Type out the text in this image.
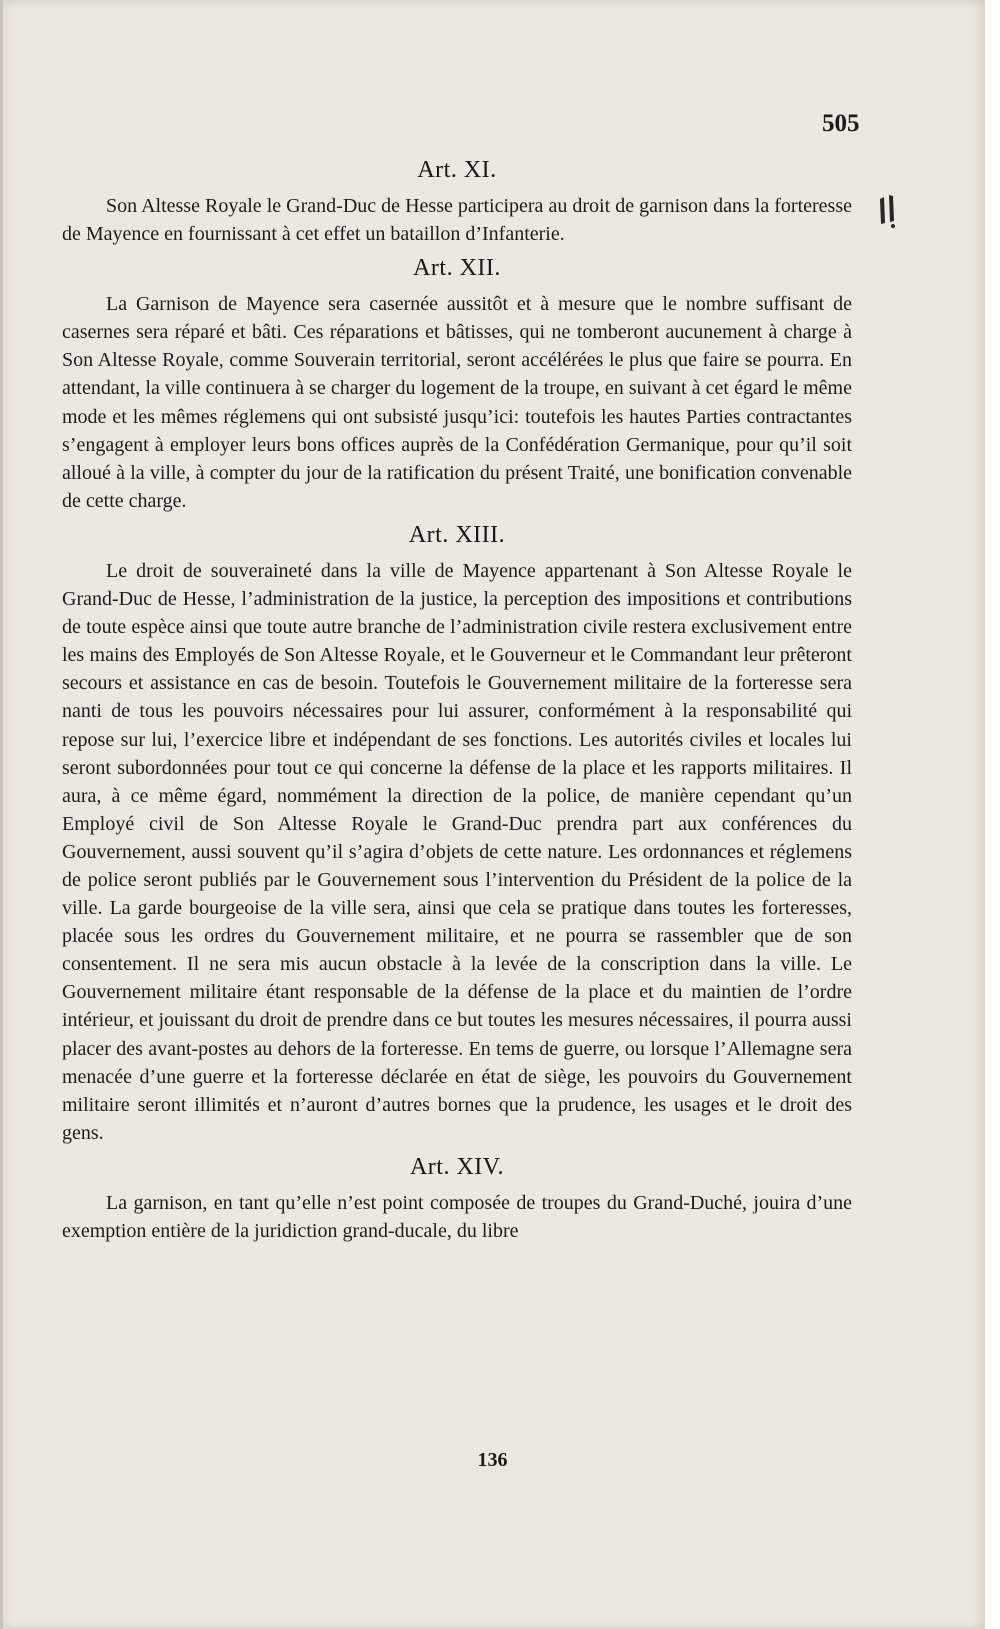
505
Art. XI.

Son Altesse Royale le Grand-Duc de Hesse participera au droit de garnison dans la forteresse de Mayence en fournissant à cet effet un bataillon d’Infanterie.

Art. XII.

La Garnison de Mayence sera casernée aussitôt et à mesure que le nombre suffisant de casernes sera réparé et bâti. Ces réparations et bâtisses, qui ne tomberont aucunement à charge à Son Altesse Royale, comme Souverain territorial, seront accélérées le plus que faire se pourra. En attendant, la ville continuera à se charger du logement de la troupe, en suivant à cet égard le même mode et les mêmes réglemens qui ont subsisté jusqu’ici: toutefois les hautes Parties contractantes s’engagent à employer leurs bons offices auprès de la Confédération Germanique, pour qu’il soit alloué à la ville, à compter du jour de la ratification du présent Traité, une bonification convenable de cette charge.

Art. XIII.

Le droit de souveraineté dans la ville de Mayence appartenant à Son Altesse Royale le Grand-Duc de Hesse, l’administration de la justice, la perception des impositions et contributions de toute espèce ainsi que toute autre branche de l’administration civile restera exclusivement entre les mains des Employés de Son Altesse Royale, et le Gouverneur et le Commandant leur prêteront secours et assistance en cas de besoin. Toutefois le Gouvernement militaire de la forteresse sera nanti de tous les pouvoirs nécessaires pour lui assurer, conformément à la responsabilité qui repose sur lui, l’exercice libre et indépendant de ses fonctions. Les autorités civiles et locales lui seront subordonnées pour tout ce qui concerne la défense de la place et les rapports militaires. Il aura, à ce même égard, nommément la direction de la police, de manière cependant qu’un Employé civil de Son Altesse Royale le Grand-Duc prendra part aux conférences du Gouvernement, aussi souvent qu’il s’agira d’objets de cette nature. Les ordonnances et réglemens de police seront publiés par le Gouvernement sous l’intervention du Président de la police de la ville. La garde bourgeoise de la ville sera, ainsi que cela se pratique dans toutes les forteresses, placée sous les ordres du Gouvernement militaire, et ne pourra se rassembler que de son consentement. Il ne sera mis aucun obstacle à la levée de la conscription dans la ville. Le Gouvernement militaire étant responsable de la défense de la place et du maintien de l’ordre intérieur, et jouissant du droit de prendre dans ce but toutes les mesures nécessaires, il pourra aussi placer des avant-postes au dehors de la forteresse. En tems de guerre, ou lorsque l’Allemagne sera menacée d’une guerre et la forteresse déclarée en état de siège, les pouvoirs du Gouvernement militaire seront illimités et n’auront d’autres bornes que la prudence, les usages et le droit des gens.

Art. XIV.

La garnison, en tant qu’elle n’est point composée de troupes du Grand-Duché, jouira d’une exemption entière de la juridiction grand-ducale, du libre

136
